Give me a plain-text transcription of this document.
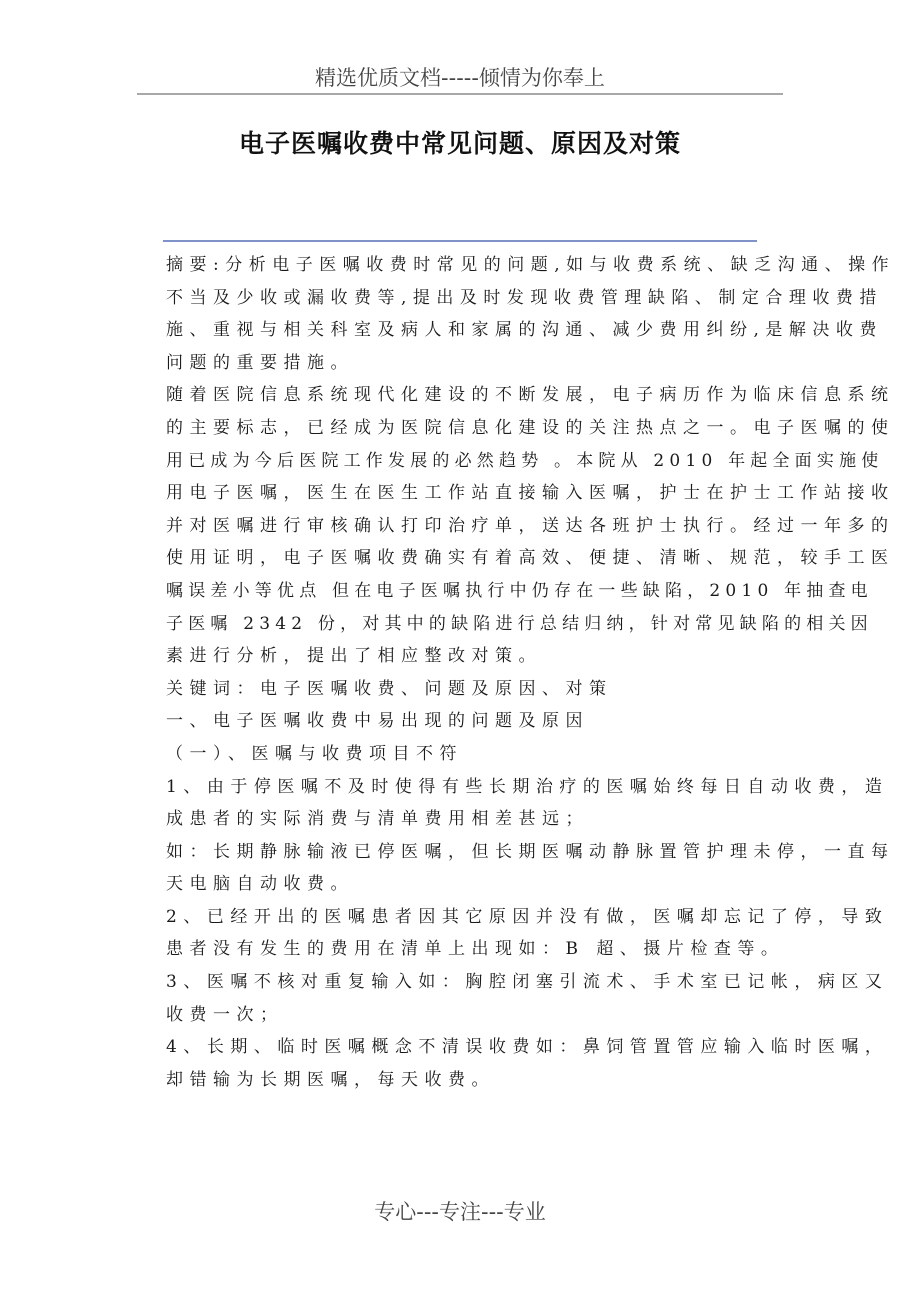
精选优质文档-----倾情为你奉上
电子医嘱收费中常见问题、原因及对策
摘要:分析电子医嘱收费时常见的问题,如与收费系统、缺乏沟通、操作
不当及少收或漏收费等,提出及时发现收费管理缺陷、制定合理收费措
施、重视与相关科室及病人和家属的沟通、减少费用纠纷,是解决收费
问题的重要措施。
随着医院信息系统现代化建设的不断发展，电子病历作为临床信息系统
的主要标志，已经成为医院信息化建设的关注热点之一。电子医嘱的使
用已成为今后医院工作发展的必然趋势 。本院从 2010 年起全面实施使
用电子医嘱，医生在医生工作站直接输入医嘱，护士在护士工作站接收
并对医嘱进行审核确认打印治疗单，送达各班护士执行。经过一年多的
使用证明，电子医嘱收费确实有着高效、便捷、清晰、规范，较手工医
嘱误差小等优点 但在电子医嘱执行中仍存在一些缺陷，2010 年抽查电
子医嘱 2342 份，对其中的缺陷进行总结归纳，针对常见缺陷的相关因
素进行分析，提出了相应整改对策。
关键词：电子医嘱收费、问题及原因、对策
一、电子医嘱收费中易出现的问题及原因
（一）、医嘱与收费项目不符
1、由于停医嘱不及时使得有些长期治疗的医嘱始终每日自动收费，造
成患者的实际消费与清单费用相差甚远；
如：长期静脉输液已停医嘱，但长期医嘱动静脉置管护理未停，一直每
天电脑自动收费。
2、已经开出的医嘱患者因其它原因并没有做，医嘱却忘记了停，导致
患者没有发生的费用在清单上出现如：B 超、摄片检查等。
3、医嘱不核对重复输入如：胸腔闭塞引流术、手术室已记帐，病区又
收费一次；
4、长期、临时医嘱概念不清误收费如：鼻饲管置管应输入临时医嘱，
却错输为长期医嘱，每天收费。
专心---专注---专业
